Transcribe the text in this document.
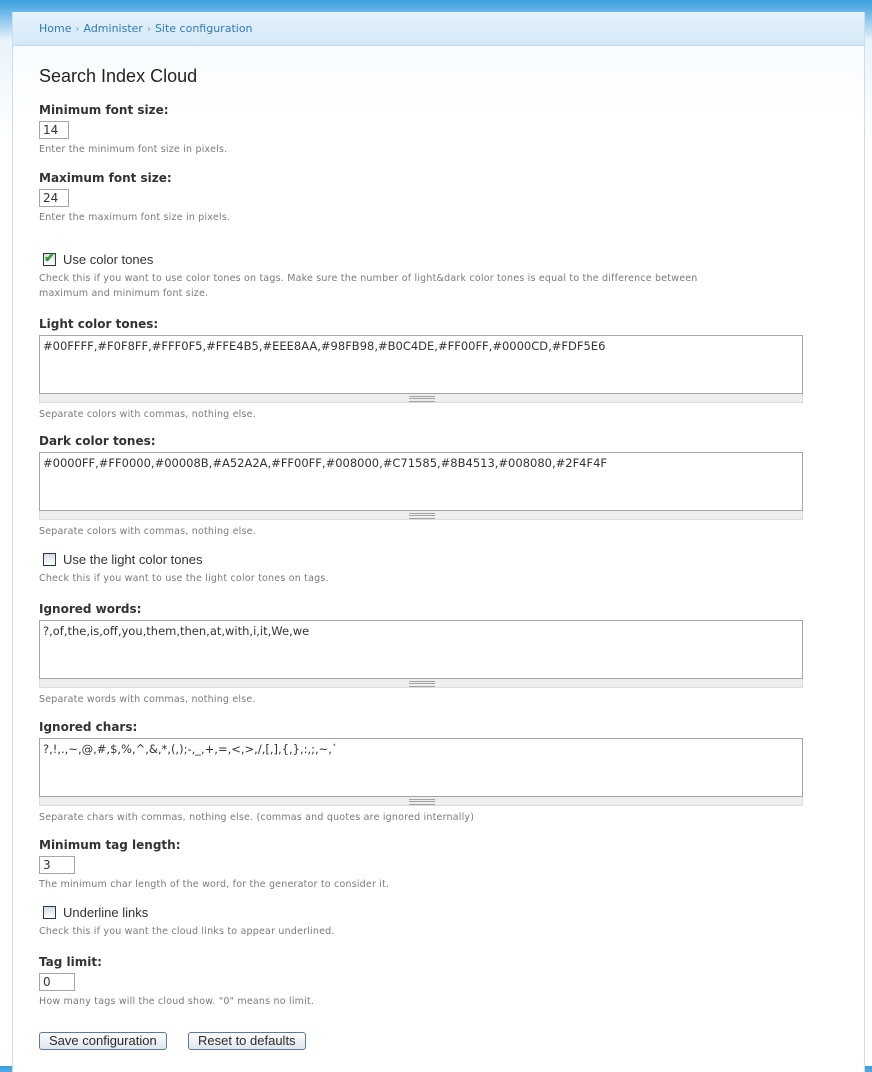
Home › Administer › Site configuration
Search Index Cloud
Minimum font size:
14
Enter the minimum font size in pixels.
Maximum font size:
24
Enter the maximum font size in pixels.
✔ Use color tones
Check this if you want to use color tones on tags. Make sure the number of light&dark color tones is equal to the difference between
maximum and minimum font size.
Light color tones:
#00FFFF,#F0F8FF,#FFF0F5,#FFE4B5,#EEE8AA,#98FB98,#B0C4DE,#FF00FF,#0000CD,#FDF5E6
Separate colors with commas, nothing else.
Dark color tones:
#0000FF,#FF0000,#00008B,#A52A2A,#FF00FF,#008000,#C71585,#8B4513,#008080,#2F4F4F
Separate colors with commas, nothing else.
Use the light color tones
Check this if you want to use the light color tones on tags.
Ignored words:
?,of,the,is,off,you,them,then,at,with,i,it,We,we
Separate words with commas, nothing else.
Ignored chars:
?,!,.,~,@,#,$,%,^,&,*,(,);-,_,+,=,<,>,/,[,],{,},:,;,~,`
Separate chars with commas, nothing else. (commas and quotes are ignored internally)
Minimum tag length:
3
The minimum char length of the word, for the generator to consider it.
Underline links
Check this if you want the cloud links to appear underlined.
Tag limit:
0
How many tags will the cloud show. "0" means no limit.
Save configuration	Reset to defaults
